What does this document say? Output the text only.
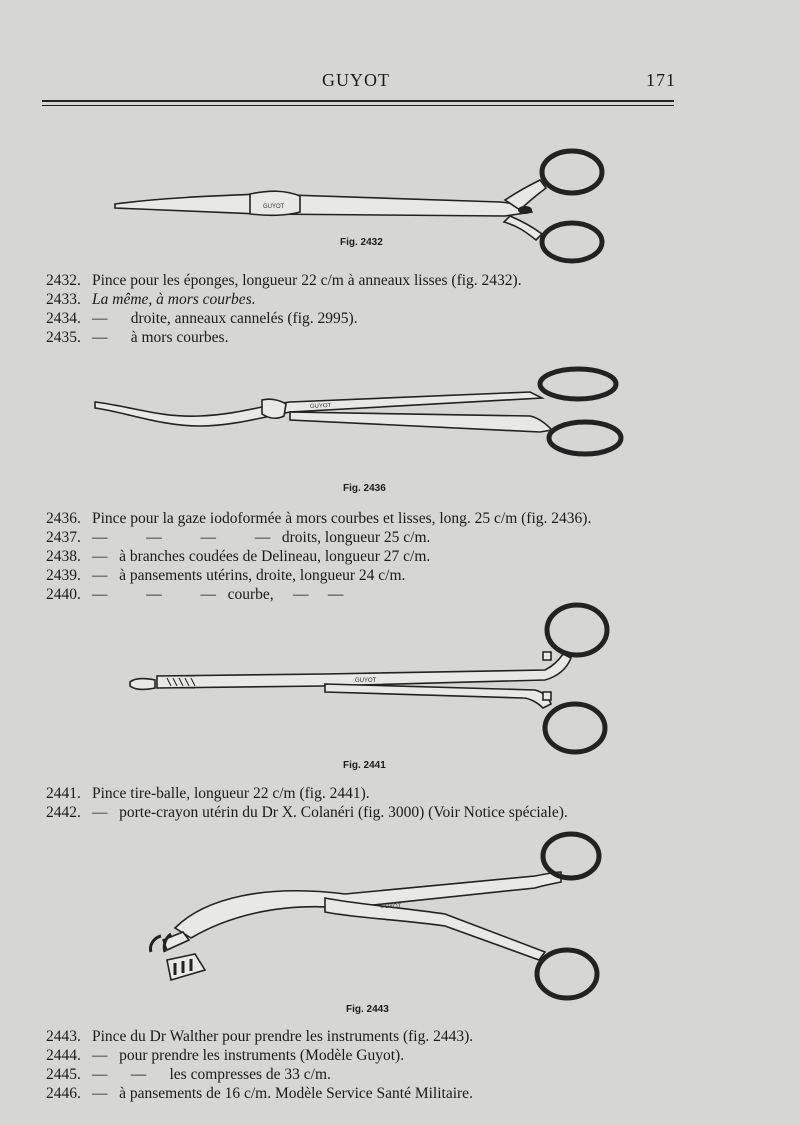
GUYOT	171
GUYOT
Fig. 2432
2432. Pince pour les éponges, longueur 22 c/m à anneaux lisses (fig. 2432).
2433. La même, à mors courbes.
2434. —      droite, anneaux cannelés (fig. 2995).
2435. —      à mors courbes.
GUYOT
Fig. 2436
2436. Pince pour la gaze iodoformée à mors courbes et lisses, long. 25 c/m (fig. 2436).
2437. —          —          —          —   droits, longueur 25 c/m.
2438. —   à branches coudées de Delineau, longueur 27 c/m.
2439. —   à pansements utérins, droite, longueur 24 c/m.
2440. —          —          —   courbe,     —     —
GUYOT
Fig. 2441
2441. Pince tire-balle, longueur 22 c/m (fig. 2441).
2442. —   porte-crayon utérin du Dr X. Colanéri (fig. 3000) (Voir Notice spéciale).
GUYOT
Fig. 2443
2443. Pince du Dr Walther pour prendre les instruments (fig. 2443).
2444. —   pour prendre les instruments (Modèle Guyot).
2445. —      —      les compresses de 33 c/m.
2446. —   à pansements de 16 c/m. Modèle Service Santé Militaire.
